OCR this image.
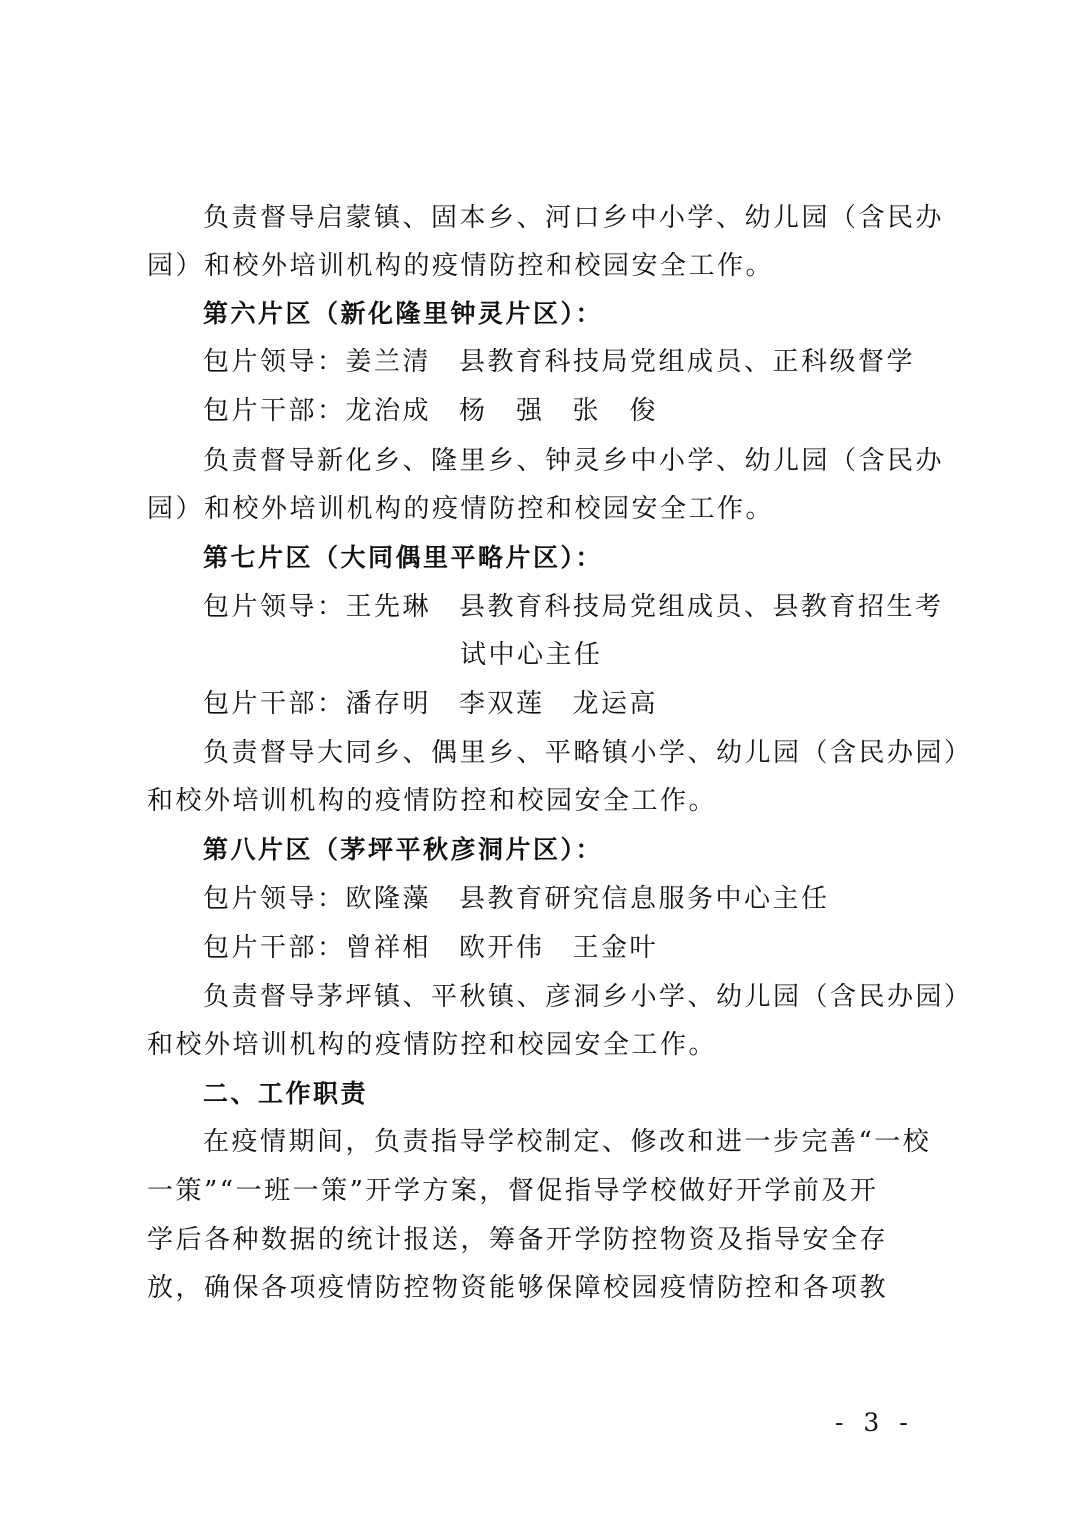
负责督导启蒙镇、固本乡、河口乡中小学、幼儿园（含民办
园）和校外培训机构的疫情防控和校园安全工作。
第六片区（新化隆里钟灵片区）：
包片领导：姜兰清 县教育科技局党组成员、正科级督学
包片干部：龙治成 杨　强 张　俊
负责督导新化乡、隆里乡、钟灵乡中小学、幼儿园（含民办
园）和校外培训机构的疫情防控和校园安全工作。
第七片区（大同偶里平略片区）：
包片领导：王先琳 县教育科技局党组成员、县教育招生考
试中心主任
包片干部：潘存明 李双莲 龙运高
负责督导大同乡、偶里乡、平略镇小学、幼儿园（含民办园）
和校外培训机构的疫情防控和校园安全工作。
第八片区（茅坪平秋彦洞片区）：
包片领导：欧隆藻 县教育研究信息服务中心主任
包片干部：曾祥相 欧开伟 王金叶
负责督导茅坪镇、平秋镇、彦洞乡小学、幼儿园（含民办园）
和校外培训机构的疫情防控和校园安全工作。
二、工作职责
在疫情期间，负责指导学校制定、修改和进一步完善“一校
一策”“一班一策”开学方案，督促指导学校做好开学前及开
学后各种数据的统计报送，筹备开学防控物资及指导安全存
放，确保各项疫情防控物资能够保障校园疫情防控和各项教
- 3 -
